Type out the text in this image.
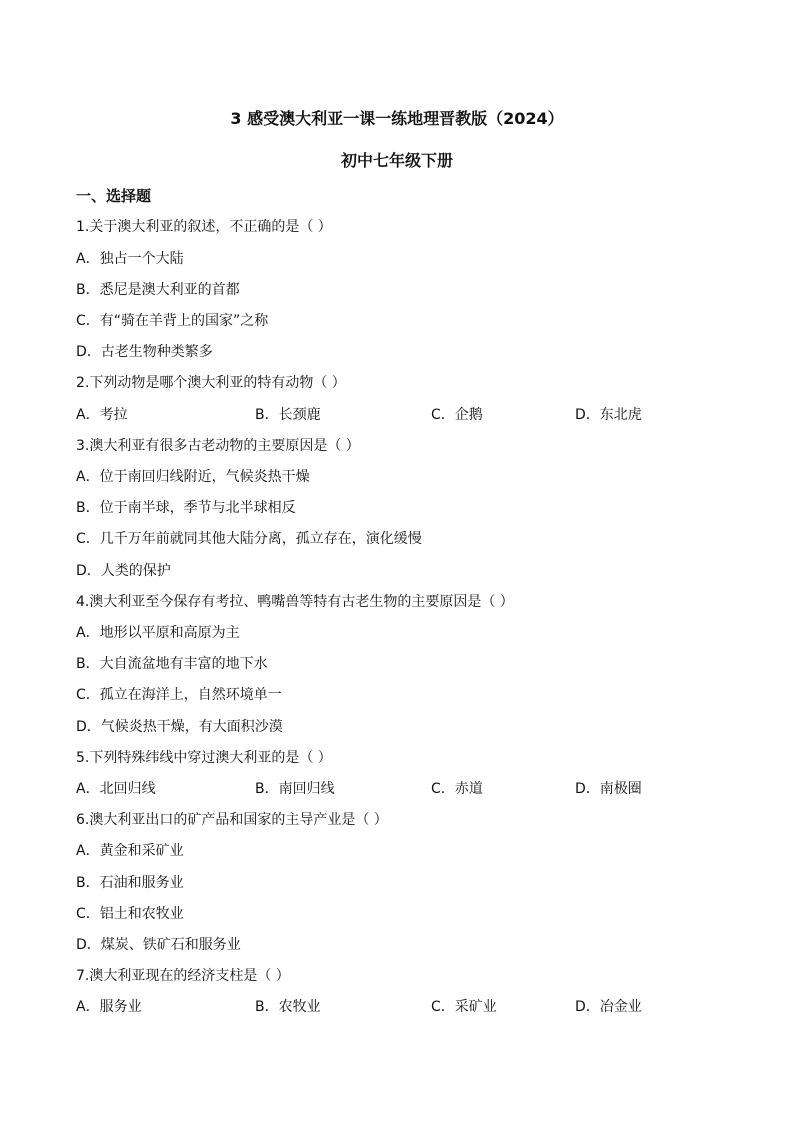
3 感受澳大利亚一课一练地理晋教版（2024）
初中七年级下册
一、选择题
1.关于澳大利亚的叙述，不正确的是（ ）
A．独占一个大陆
B．悉尼是澳大利亚的首都
C．有“骑在羊背上的国家”之称
D．古老生物种类繁多
2.下列动物是哪个澳大利亚的特有动物（ ）
A．考拉	B．长颈鹿	C．企鹅	D．东北虎
3.澳大利亚有很多古老动物的主要原因是（ ）
A．位于南回归线附近，气候炎热干燥
B．位于南半球，季节与北半球相反
C．几千万年前就同其他大陆分离，孤立存在，演化缓慢
D．人类的保护
4.澳大利亚至今保存有考拉、鸭嘴兽等特有古老生物的主要原因是（ ）
A．地形以平原和高原为主
B．大自流盆地有丰富的地下水
C．孤立在海洋上，自然环境单一
D．气候炎热干燥，有大面积沙漠
5.下列特殊纬线中穿过澳大利亚的是（ ）
A．北回归线	B．南回归线	C．赤道	D．南极圈
6.澳大利亚出口的矿产品和国家的主导产业是（ ）
A．黄金和采矿业
B．石油和服务业
C．铝土和农牧业
D．煤炭、铁矿石和服务业
7.澳大利亚现在的经济支柱是（ ）
A．服务业	B．农牧业	C．采矿业	D．冶金业
